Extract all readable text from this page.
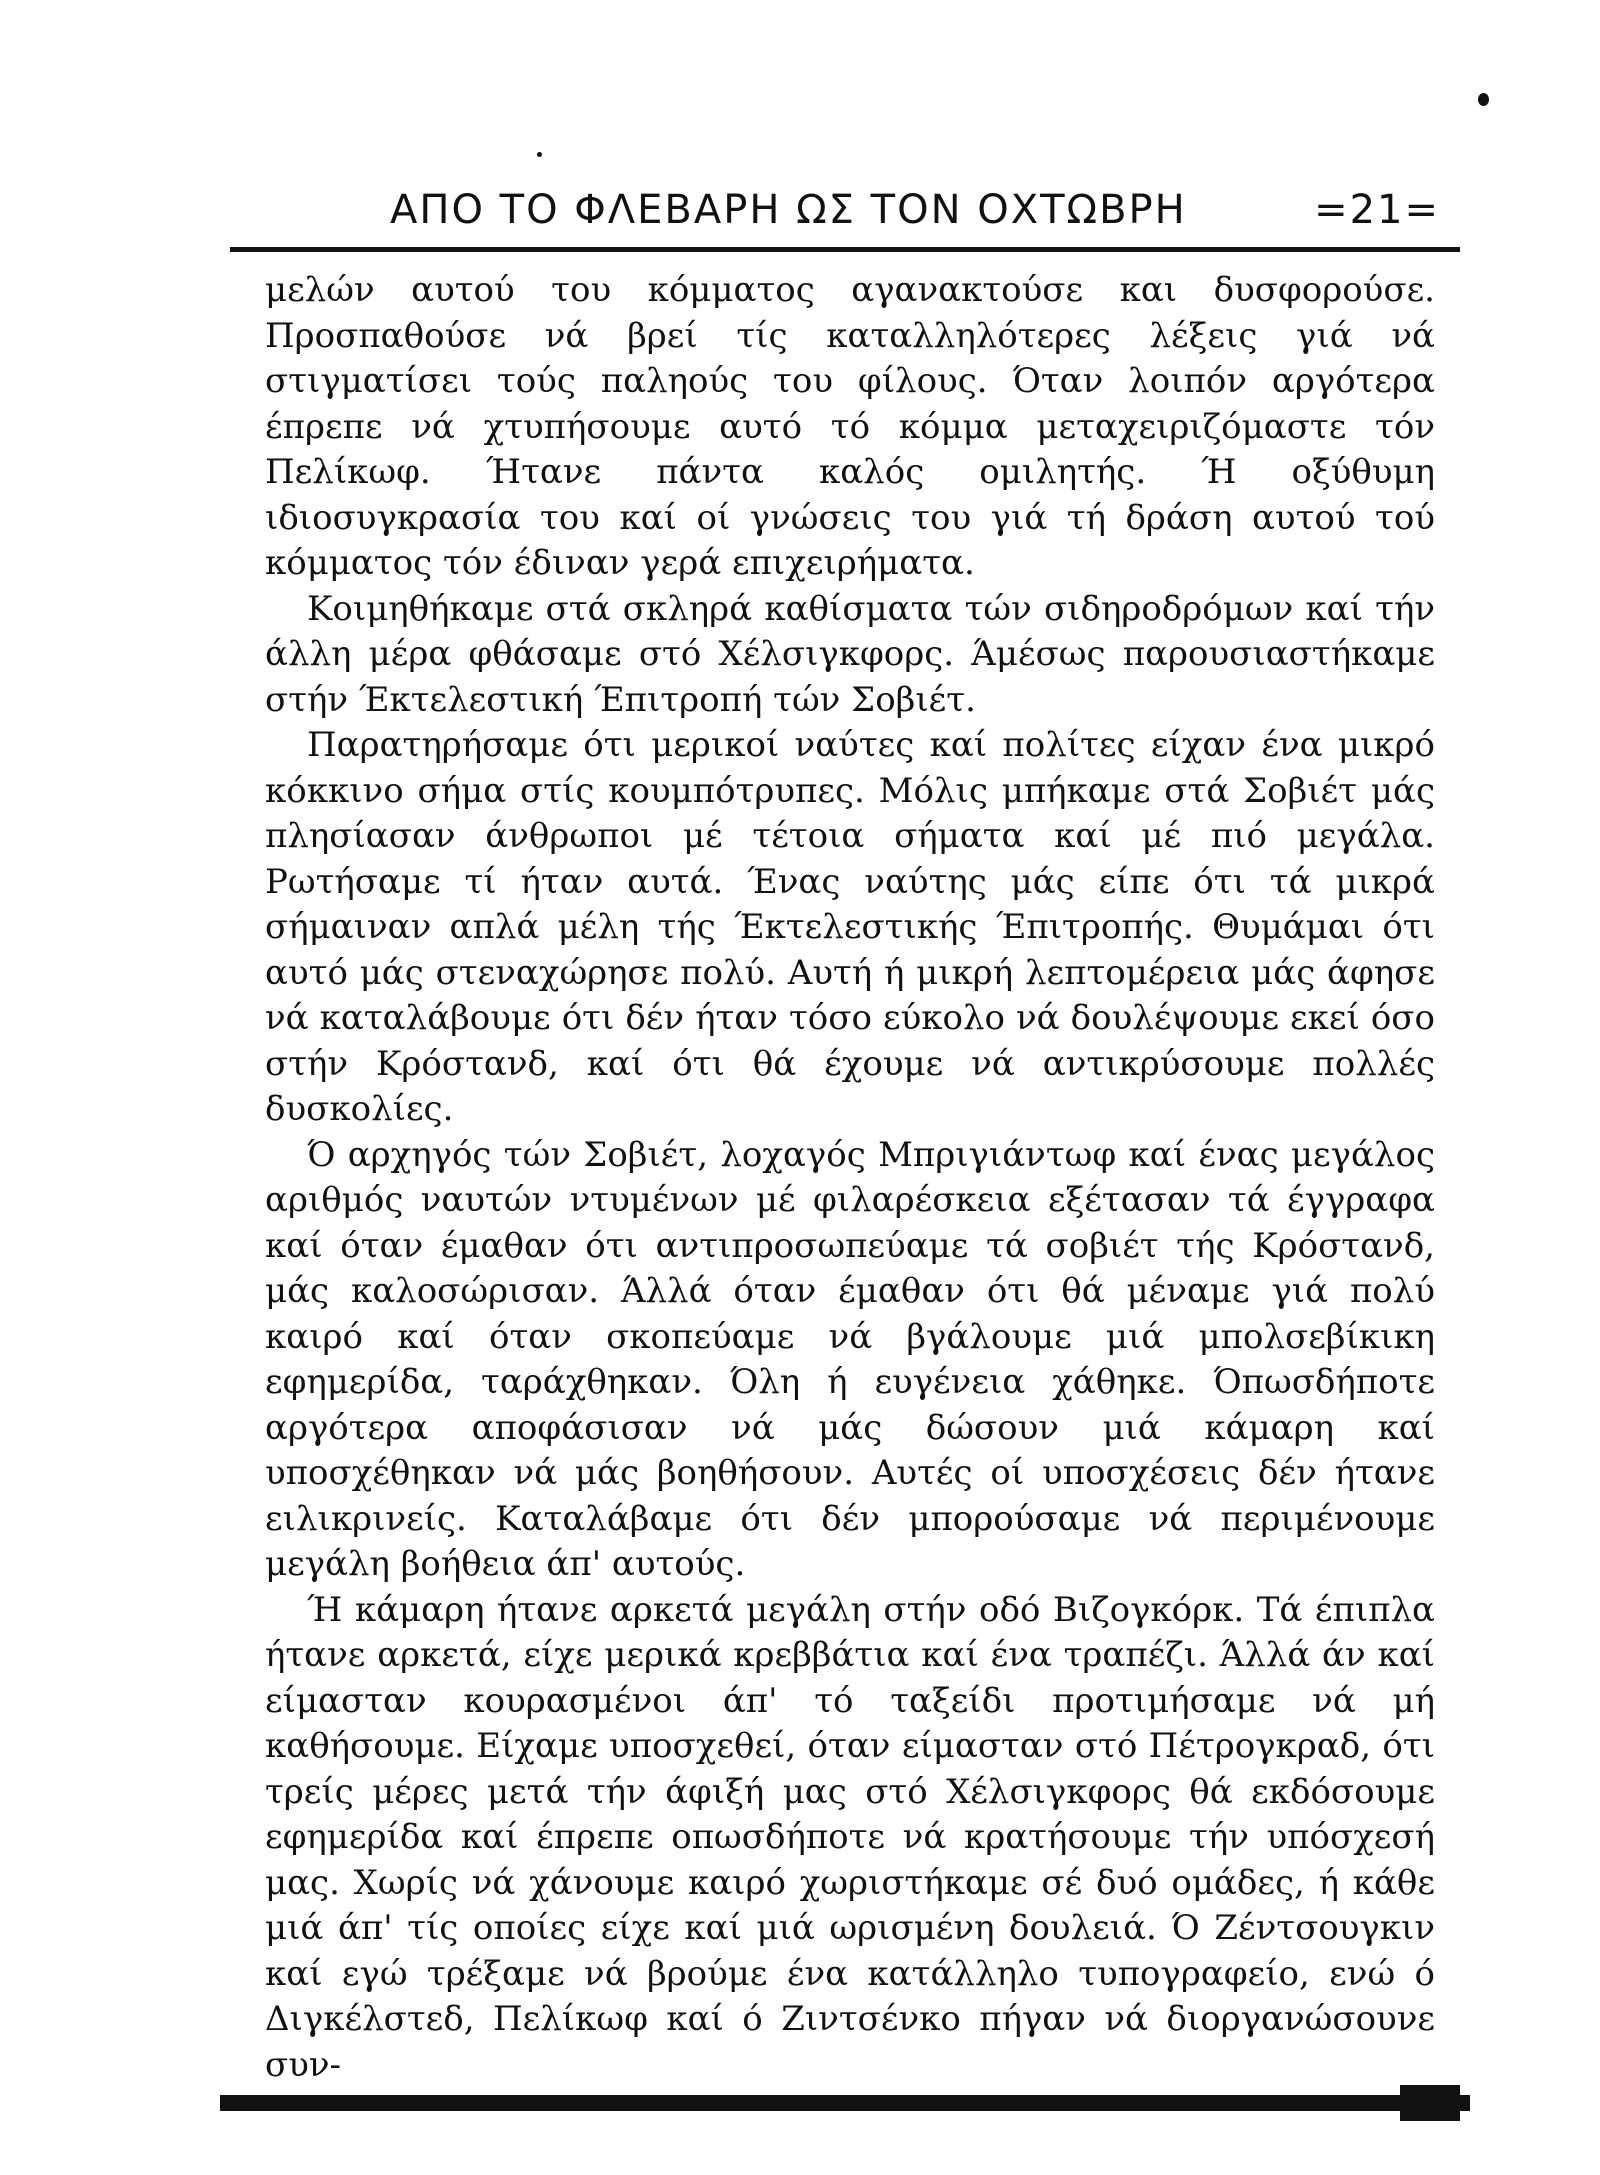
ΑΠΟ ΤΟ ΦΛΕΒΑΡΗ ΩΣ ΤΟΝ ΟΧΤΩΒΡΗ	=21=

μελών αυτού του κόμματος αγανακτούσε και δυσφορούσε. Προσπαθούσε νά βρεί τίς καταλληλότερες λέξεις γιά νά στιγματίσει τούς παληούς του φίλους. Όταν λοιπόν αργότερα έπρεπε νά χτυπήσουμε αυτό τό κόμμα μεταχειριζόμαστε τόν Πελίκωφ. Ήτανε πάντα καλός ομιλητής. Ή οξύθυμη ιδιοσυγκρασία του καί οί γνώσεις του γιά τή δράση αυτού τού κόμματος τόν έδιναν γερά επιχειρήματα.

Κοιμηθήκαμε στά σκληρά καθίσματα τών σιδηροδρόμων καί τήν άλλη μέρα φθάσαμε στό Χέλσιγκφορς. Άμέσως παρουσιαστήκαμε στήν Έκτελεστική Έπιτροπή τών Σοβιέτ.

Παρατηρήσαμε ότι μερικοί ναύτες καί πολίτες είχαν ένα μικρό κόκκινο σήμα στίς κουμπότρυπες. Μόλις μπήκαμε στά Σοβιέτ μάς πλησίασαν άνθρωποι μέ τέτοια σήματα καί μέ πιό μεγάλα. Ρωτήσαμε τί ήταν αυτά. Ένας ναύτης μάς είπε ότι τά μικρά σήμαιναν απλά μέλη τής Έκτελεστικής Έπιτροπής. Θυμάμαι ότι αυτό μάς στεναχώρησε πολύ. Αυτή ή μικρή λεπτομέρεια μάς άφησε νά καταλάβουμε ότι δέν ήταν τόσο εύκολο νά δουλέψουμε εκεί όσο στήν Κρόστανδ, καί ότι θά έχουμε νά αντικρύσουμε πολλές δυσκολίες.

Ό αρχηγός τών Σοβιέτ, λοχαγός Μπριγιάντωφ καί ένας μεγάλος αριθμός ναυτών ντυμένων μέ φιλαρέσκεια εξέτασαν τά έγγραφα καί όταν έμαθαν ότι αντιπροσωπεύαμε τά σοβιέτ τής Κρόστανδ, μάς καλοσώρισαν. Άλλά όταν έμαθαν ότι θά μέναμε γιά πολύ καιρό καί όταν σκοπεύαμε νά βγάλουμε μιά μπολσεβίκικη εφημερίδα, ταράχθηκαν. Όλη ή ευγένεια χάθηκε. Όπωσδήποτε αργότερα αποφάσισαν νά μάς δώσουν μιά κάμαρη καί υποσχέθηκαν νά μάς βοηθήσουν. Αυτές οί υποσχέσεις δέν ήτανε ειλικρινείς. Καταλάβαμε ότι δέν μπορούσαμε νά περιμένουμε μεγάλη βοήθεια άπ' αυτούς.

Ή κάμαρη ήτανε αρκετά μεγάλη στήν οδό Βιζογκόρκ. Τά έπιπλα ήτανε αρκετά, είχε μερικά κρεββάτια καί ένα τραπέζι. Άλλά άν καί είμασταν κουρασμένοι άπ' τό ταξείδι προτιμήσαμε νά μή καθήσουμε. Είχαμε υποσχεθεί, όταν είμασταν στό Πέτρογκραδ, ότι τρείς μέρες μετά τήν άφιξή μας στό Χέλσιγκφορς θά εκδόσουμε εφημερίδα καί έπρεπε οπωσδήποτε νά κρατήσουμε τήν υπόσχεσή μας. Χωρίς νά χάνουμε καιρό χωριστήκαμε σέ δυό ομάδες, ή κάθε μιά άπ' τίς οποίες είχε καί μιά ωρισμένη δουλειά. Ό Ζέντσουγκιν καί εγώ τρέξαμε νά βρούμε ένα κατάλληλο τυπογραφείο, ενώ ό Διγκέλστεδ, Πελίκωφ καί ό Ζιντσένκο πήγαν νά διοργανώσουνε συν-
